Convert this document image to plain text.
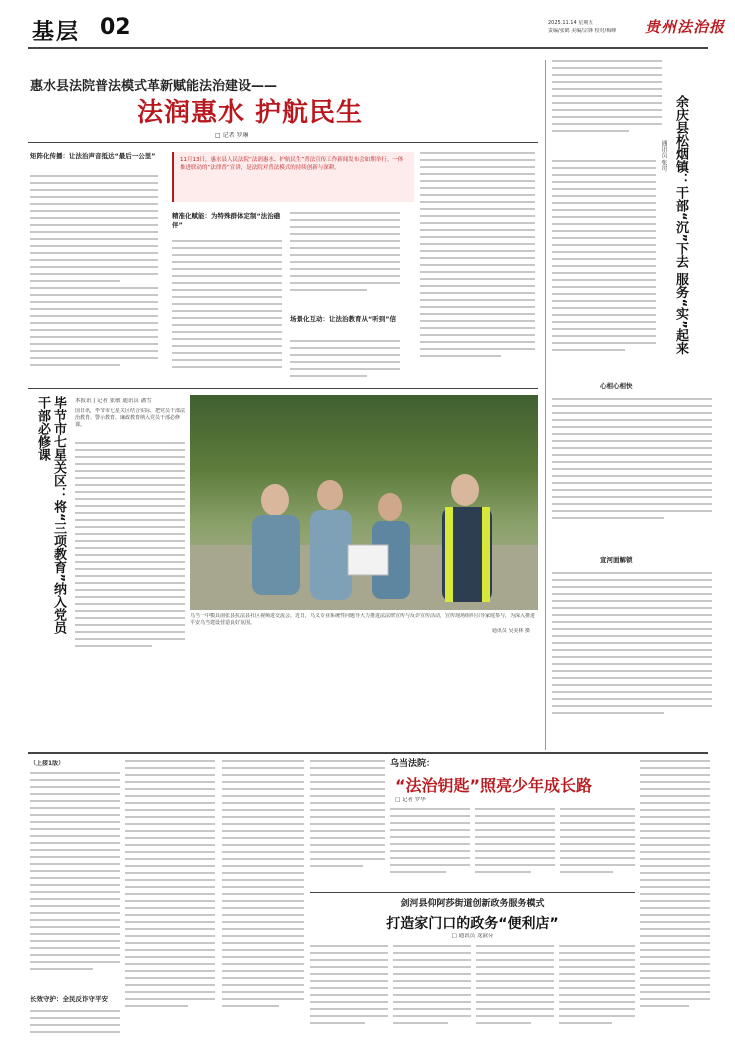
基层 02	2025.11.14 星期五
责编/张鹤 美编/宗锋 校对/梅峰	贵州法治报
惠水县法院普法模式革新赋能法治建设——
法润惠水 护航民生
□ 记者 罗琳
矩阵化传播：让法治声音抵达“最后一公里”	11月13日，惠水县人民法院“法润惠水、护航民生”普法宣传工作新闻发布会如期举行。一体推进联动的“法律普”宣讲，是法院对普法模式的持续创新与深耕。
精准化赋能：为特殊群体定制“法治礁伴”
场景化互动：让法治教育从“听到”信
毕节市七星关区：将“三项教育”纳入党员干部必修课	本报讯 | 记者 张敏 通讯员 潘雪
国日讯，毕节市七星关区结合实际，把党员干部法治教育、警示教育、廉政教育纳入党员干部必修课。
乌当一中模具南张县抗法县社区视频进交流会。近日，乌义专业系统性问题导大力推进法法律宣传与反诈宣传活动，宣传现场组织引导家庭参与，为深入推进平安乌当建设营造良好氛围。
通讯员 吴美林 摄
余庆县松烟镇：干部“沉”下去 服务“实”起来
通讯员 张可
心相心相快
宣河面解锁
（上接1版）
长效守护：全民反诈守平安
乌当法院：
“法治钥匙”照亮少年成长路
□ 记者 罗华
剑河县仰阿莎街道创新政务服务模式
打造家门口的政务“便利店”
□ 通讯员 龙淑芬
